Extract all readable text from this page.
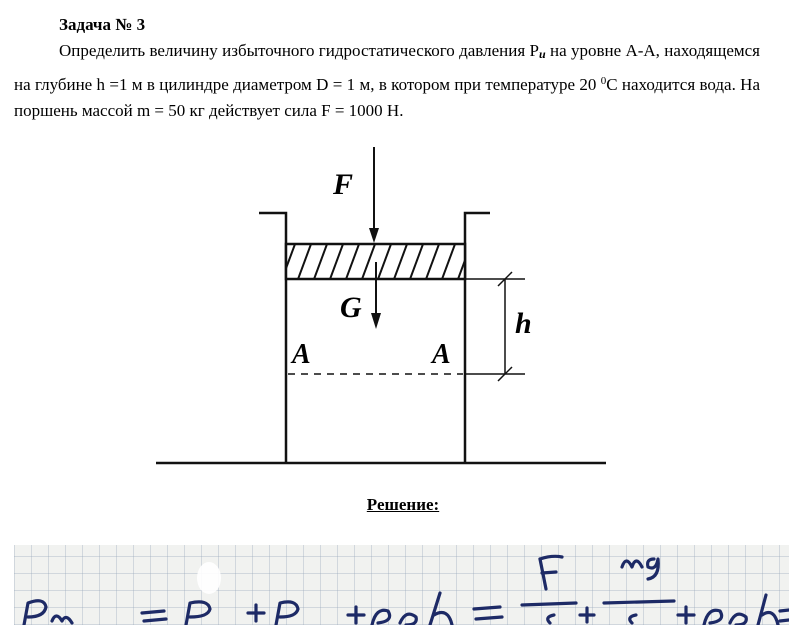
Задача № 3

Определить величину избыточного гидростатического давления $P_и$ на уровне А-А, находящемся на глубине h =1 м в цилиндре диаметром D = 1 м, в котором при температуре 20 $^0$С находится вода. На поршень массой m = 50 кг действует сила F = 1000 Н.

F
G	h
A	A
Решение:
